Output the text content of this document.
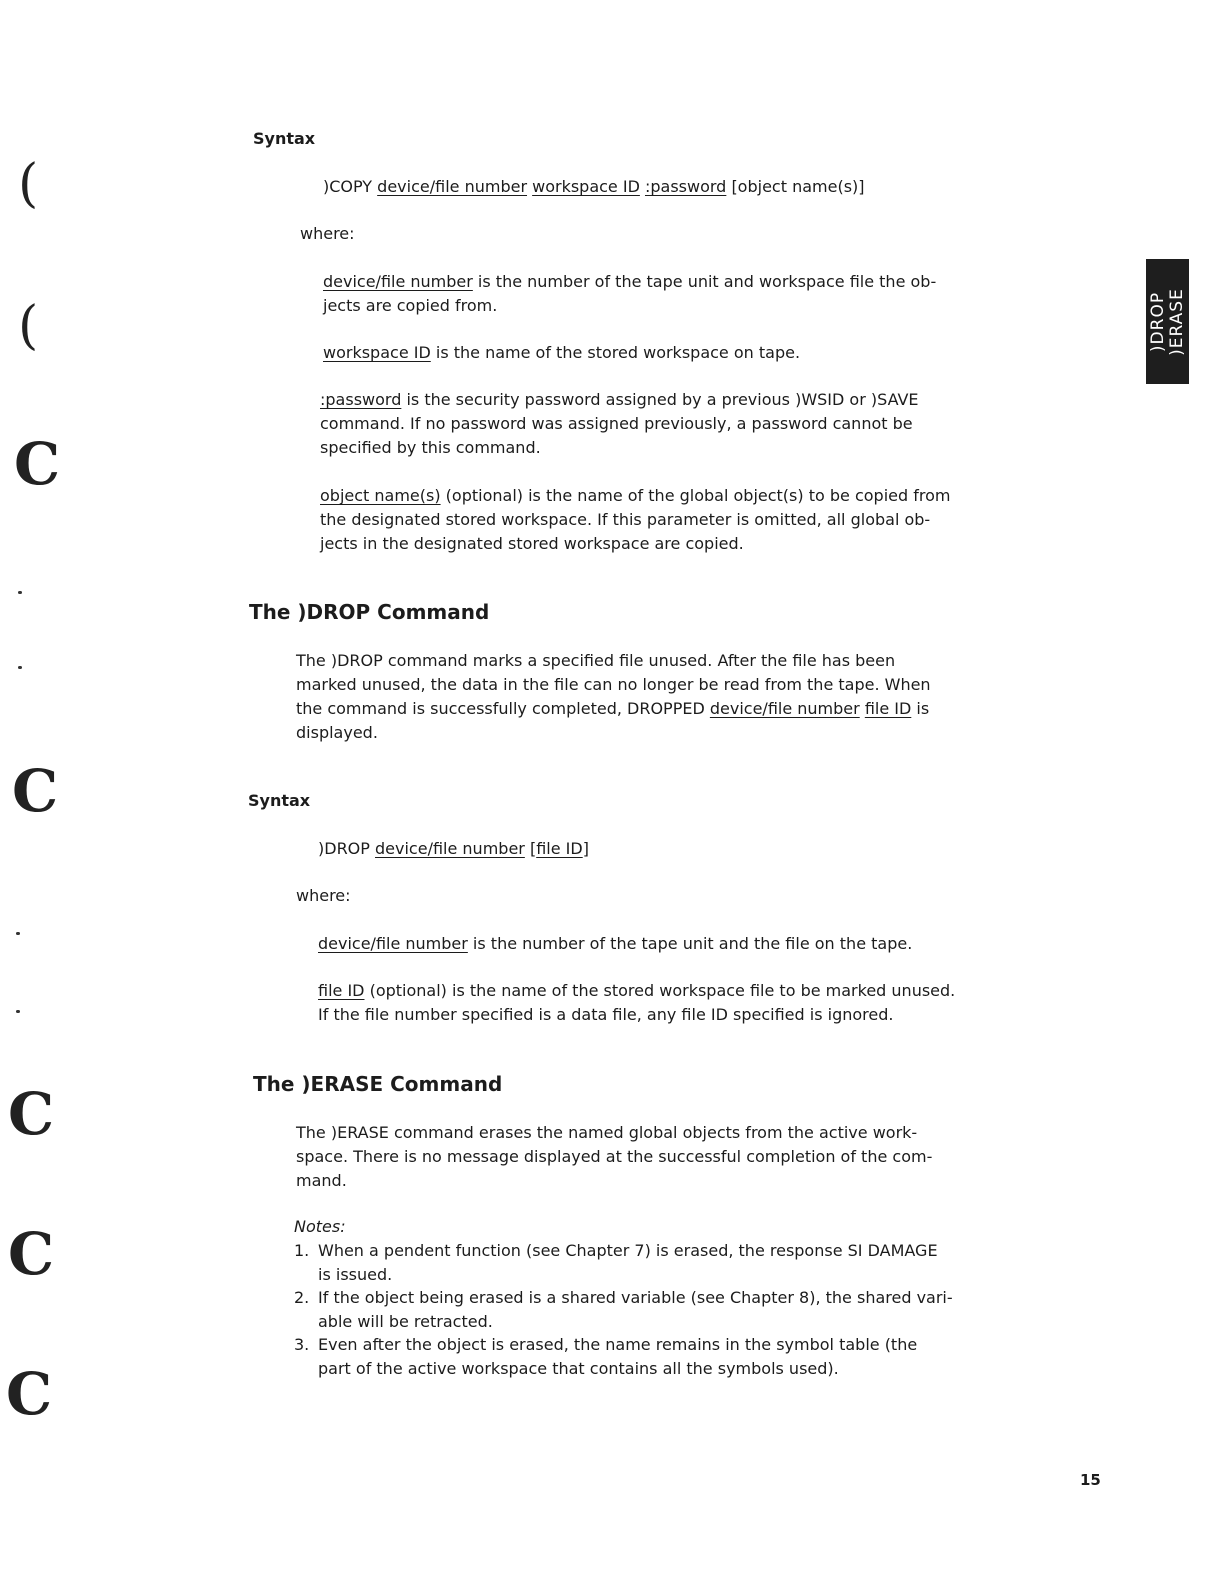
(
(
C
C
C
C
C
)DROP )ERASE
Syntax
)COPY device/file number workspace ID :password [object name(s)]
where:
device/file number is the number of the tape unit and workspace file the ob-
jects are copied from.
workspace ID is the name of the stored workspace on tape.
:password is the security password assigned by a previous )WSID or )SAVE
command. If no password was assigned previously, a password cannot be
specified by this command.
object name(s) (optional) is the name of the global object(s) to be copied from
the designated stored workspace. If this parameter is omitted, all global ob-
jects in the designated stored workspace are copied.
The )DROP Command
The )DROP command marks a specified file unused. After the file has been
marked unused, the data in the file can no longer be read from the tape. When
the command is successfully completed, DROPPED device/file number file ID is
displayed.
Syntax
)DROP device/file number [file ID]
where:
device/file number is the number of the tape unit and the file on the tape.
file ID (optional) is the name of the stored workspace file to be marked unused.
If the file number specified is a data file, any file ID specified is ignored.
The )ERASE Command
The )ERASE command erases the named global objects from the active work-
space. There is no message displayed at the successful completion of the com-
mand.
Notes:
1. When a pendent function (see Chapter 7) is erased, the response SI DAMAGE
is issued.
2. If the object being erased is a shared variable (see Chapter 8), the shared vari-
able will be retracted.
3. Even after the object is erased, the name remains in the symbol table (the
part of the active workspace that contains all the symbols used).
15
